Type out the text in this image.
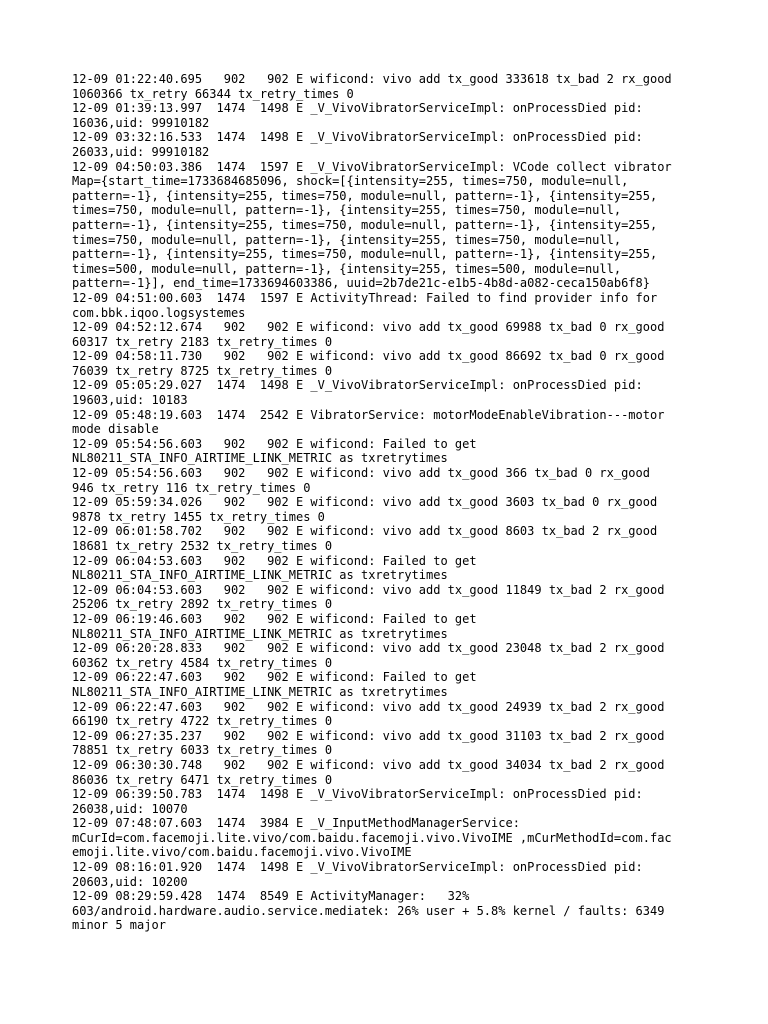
12-09 01:22:40.695   902   902 E wificond: vivo add tx_good 333618 tx_bad 2 rx_good
1060366 tx_retry 66344 tx_retry_times 0
12-09 01:39:13.997  1474  1498 E _V_VivoVibratorServiceImpl: onProcessDied pid:
16036,uid: 99910182
12-09 03:32:16.533  1474  1498 E _V_VivoVibratorServiceImpl: onProcessDied pid:
26033,uid: 99910182
12-09 04:50:03.386  1474  1597 E _V_VivoVibratorServiceImpl: VCode collect vibrator
Map={start_time=1733684685096, shock=[{intensity=255, times=750, module=null,
pattern=-1}, {intensity=255, times=750, module=null, pattern=-1}, {intensity=255,
times=750, module=null, pattern=-1}, {intensity=255, times=750, module=null,
pattern=-1}, {intensity=255, times=750, module=null, pattern=-1}, {intensity=255,
times=750, module=null, pattern=-1}, {intensity=255, times=750, module=null,
pattern=-1}, {intensity=255, times=750, module=null, pattern=-1}, {intensity=255,
times=500, module=null, pattern=-1}, {intensity=255, times=500, module=null,
pattern=-1}], end_time=1733694603386, uuid=2b7de21c-e1b5-4b8d-a082-ceca150ab6f8}
12-09 04:51:00.603  1474  1597 E ActivityThread: Failed to find provider info for
com.bbk.iqoo.logsystemes
12-09 04:52:12.674   902   902 E wificond: vivo add tx_good 69988 tx_bad 0 rx_good
60317 tx_retry 2183 tx_retry_times 0
12-09 04:58:11.730   902   902 E wificond: vivo add tx_good 86692 tx_bad 0 rx_good
76039 tx_retry 8725 tx_retry_times 0
12-09 05:05:29.027  1474  1498 E _V_VivoVibratorServiceImpl: onProcessDied pid:
19603,uid: 10183
12-09 05:48:19.603  1474  2542 E VibratorService: motorModeEnableVibration---motor
mode disable
12-09 05:54:56.603   902   902 E wificond: Failed to get
NL80211_STA_INFO_AIRTIME_LINK_METRIC as txretrytimes
12-09 05:54:56.603   902   902 E wificond: vivo add tx_good 366 tx_bad 0 rx_good
946 tx_retry 116 tx_retry_times 0
12-09 05:59:34.026   902   902 E wificond: vivo add tx_good 3603 tx_bad 0 rx_good
9878 tx_retry 1455 tx_retry_times 0
12-09 06:01:58.702   902   902 E wificond: vivo add tx_good 8603 tx_bad 2 rx_good
18681 tx_retry 2532 tx_retry_times 0
12-09 06:04:53.603   902   902 E wificond: Failed to get
NL80211_STA_INFO_AIRTIME_LINK_METRIC as txretrytimes
12-09 06:04:53.603   902   902 E wificond: vivo add tx_good 11849 tx_bad 2 rx_good
25206 tx_retry 2892 tx_retry_times 0
12-09 06:19:46.603   902   902 E wificond: Failed to get
NL80211_STA_INFO_AIRTIME_LINK_METRIC as txretrytimes
12-09 06:20:28.833   902   902 E wificond: vivo add tx_good 23048 tx_bad 2 rx_good
60362 tx_retry 4584 tx_retry_times 0
12-09 06:22:47.603   902   902 E wificond: Failed to get
NL80211_STA_INFO_AIRTIME_LINK_METRIC as txretrytimes
12-09 06:22:47.603   902   902 E wificond: vivo add tx_good 24939 tx_bad 2 rx_good
66190 tx_retry 4722 tx_retry_times 0
12-09 06:27:35.237   902   902 E wificond: vivo add tx_good 31103 tx_bad 2 rx_good
78851 tx_retry 6033 tx_retry_times 0
12-09 06:30:30.748   902   902 E wificond: vivo add tx_good 34034 tx_bad 2 rx_good
86036 tx_retry 6471 tx_retry_times 0
12-09 06:39:50.783  1474  1498 E _V_VivoVibratorServiceImpl: onProcessDied pid:
26038,uid: 10070
12-09 07:48:07.603  1474  3984 E _V_InputMethodManagerService:
mCurId=com.facemoji.lite.vivo/com.baidu.facemoji.vivo.VivoIME ,mCurMethodId=com.fac
emoji.lite.vivo/com.baidu.facemoji.vivo.VivoIME
12-09 08:16:01.920  1474  1498 E _V_VivoVibratorServiceImpl: onProcessDied pid:
20603,uid: 10200
12-09 08:29:59.428  1474  8549 E ActivityManager:   32%
603/android.hardware.audio.service.mediatek: 26% user + 5.8% kernel / faults: 6349
minor 5 major
